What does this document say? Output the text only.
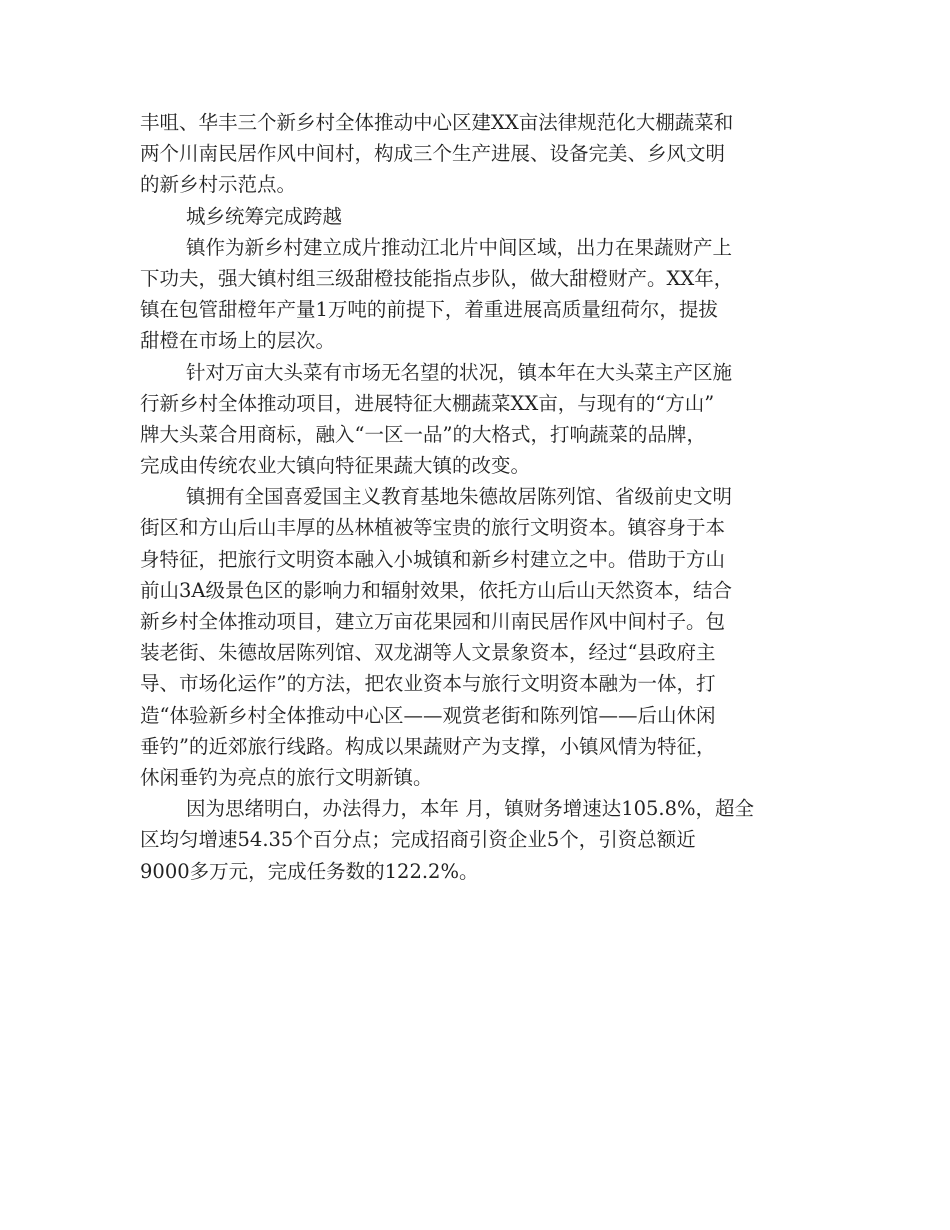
丰咀、华丰三个新乡村全体推动中心区建XX亩法律规范化大棚蔬菜和
两个川南民居作风中间村，构成三个生产进展、设备完美、乡风文明
的新乡村示范点。
城乡统筹完成跨越
镇作为新乡村建立成片推动江北片中间区域，出力在果蔬财产上
下功夫，强大镇村组三级甜橙技能指点步队，做大甜橙财产。XX年，
镇在包管甜橙年产量1万吨的前提下，着重进展高质量纽荷尔，提拔
甜橙在市场上的层次。
针对万亩大头菜有市场无名望的状况，镇本年在大头菜主产区施
行新乡村全体推动项目，进展特征大棚蔬菜XX亩，与现有的“方山”
牌大头菜合用商标，融入“一区一品”的大格式，打响蔬菜的品牌，
完成由传统农业大镇向特征果蔬大镇的改变。
镇拥有全国喜爱国主义教育基地朱德故居陈列馆、省级前史文明
街区和方山后山丰厚的丛林植被等宝贵的旅行文明资本。镇容身于本
身特征，把旅行文明资本融入小城镇和新乡村建立之中。借助于方山
前山3A级景色区的影响力和辐射效果，依托方山后山天然资本，结合
新乡村全体推动项目，建立万亩花果园和川南民居作风中间村子。包
装老街、朱德故居陈列馆、双龙湖等人文景象资本，经过“县政府主
导、市场化运作”的方法，把农业资本与旅行文明资本融为一体，打
造“体验新乡村全体推动中心区——观赏老街和陈列馆——后山休闲
垂钓”的近郊旅行线路。构成以果蔬财产为支撑，小镇风情为特征，
休闲垂钓为亮点的旅行文明新镇。
因为思绪明白，办法得力，本年 月，镇财务增速达105.8%，超全
区均匀增速54.35个百分点；完成招商引资企业5个，引资总额近
9000多万元，完成任务数的122.2%。
